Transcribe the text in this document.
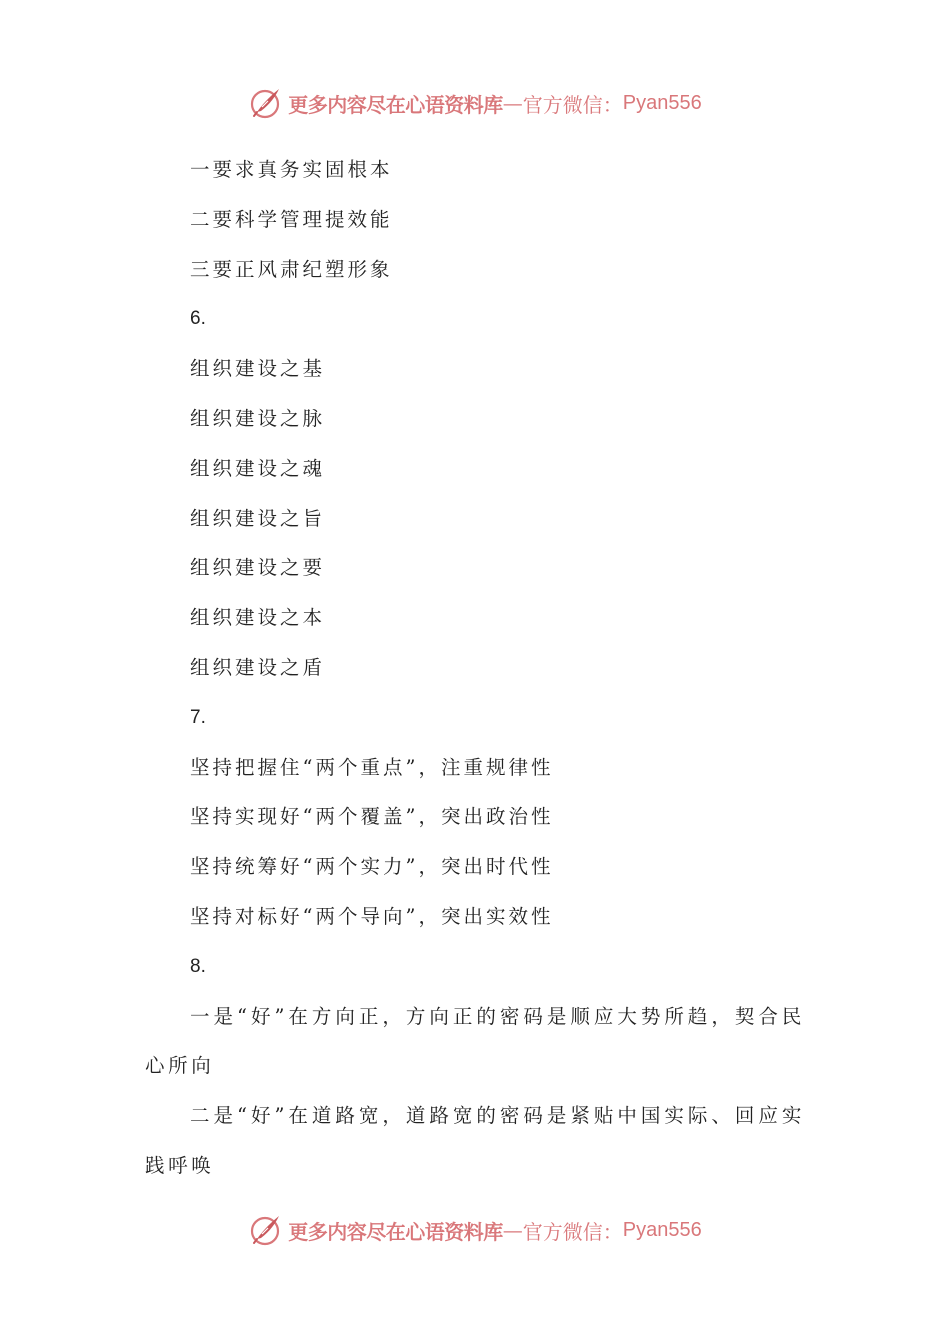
更多内容尽在心语资料库 — 官方微信： Pyan556
一要求真务实固根本
二要科学管理提效能
三要正风肃纪塑形象
6.
组织建设之基
组织建设之脉
组织建设之魂
组织建设之旨
组织建设之要
组织建设之本
组织建设之盾
7.
坚持把握住“两个重点”，注重规律性
坚持实现好“两个覆盖”，突出政治性
坚持统筹好“两个实力”，突出时代性
坚持对标好“两个导向”，突出实效性
8.

一是“好”在方向正，方向正的密码是顺应大势所趋，契合民心所向

二是“好”在道路宽，道路宽的密码是紧贴中国实际、回应实践呼唤

更多内容尽在心语资料库 — 官方微信： Pyan556
